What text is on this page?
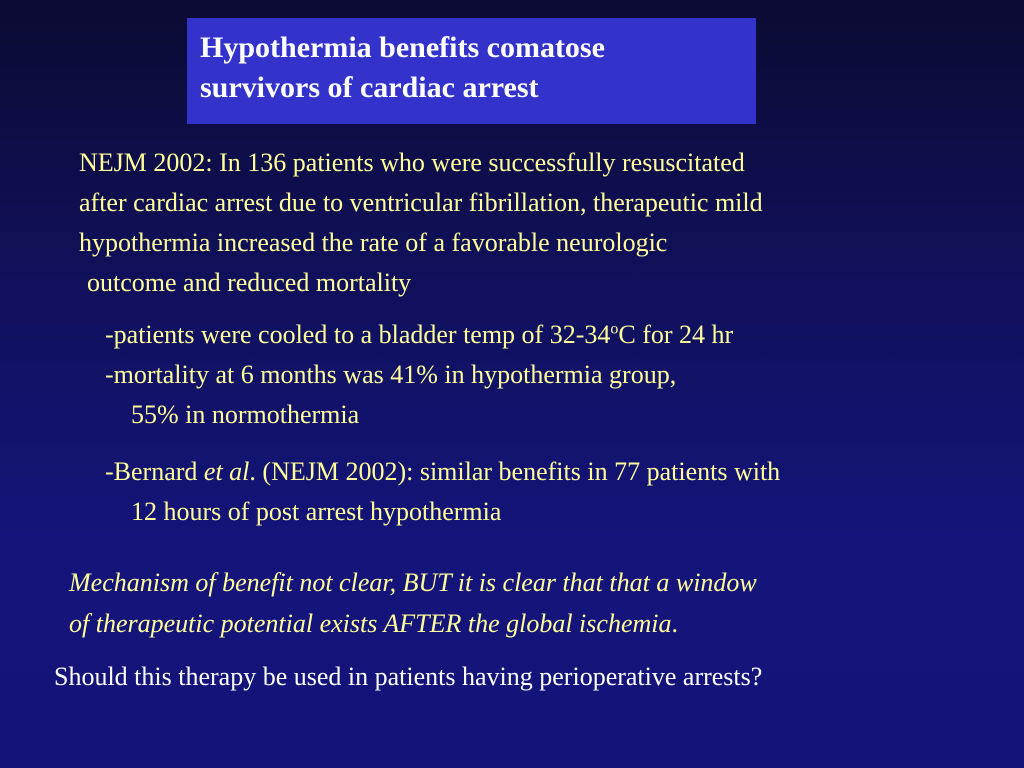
Hypothermia benefits comatose
survivors of cardiac arrest
NEJM 2002: In 136 patients who were successfully resuscitated
after cardiac arrest due to ventricular fibrillation, therapeutic mild
hypothermia increased the rate of a favorable neurologic
outcome and reduced mortality
-patients were cooled to a bladder temp of 32-34$^o$C for 24 hr
-mortality at 6 months was 41% in hypothermia group,
55% in normothermia
-Bernard et al. (NEJM 2002): similar benefits in 77 patients with
12 hours of post arrest hypothermia
Mechanism of benefit not clear, BUT it is clear that that a window
of therapeutic potential exists AFTER the global ischemia.
Should this therapy be used in patients having perioperative arrests?
